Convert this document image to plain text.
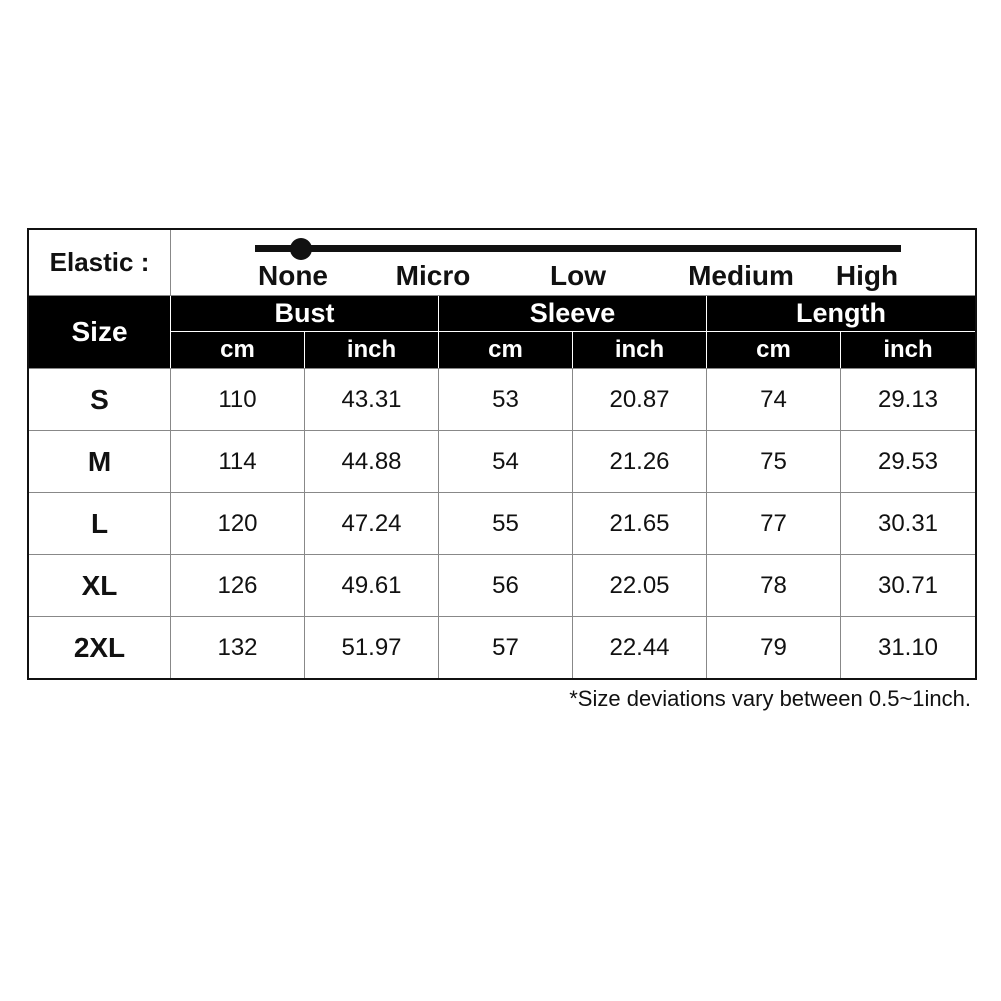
Elastic :	None Micro	Low	Medium High
Size
Bust	Sleeve	Length
cm	inch	cm	inch	cm	inch
S	110	43.31	53	20.87	74	29.13
M	114	44.88	54	21.26	75	29.53
L	120	47.24	55	21.65	77	30.31
XL	126	49.61	56	22.05	78	30.71
2XL	132	51.97	57	22.44	79	31.10
*Size deviations vary between 0.5~1inch.
